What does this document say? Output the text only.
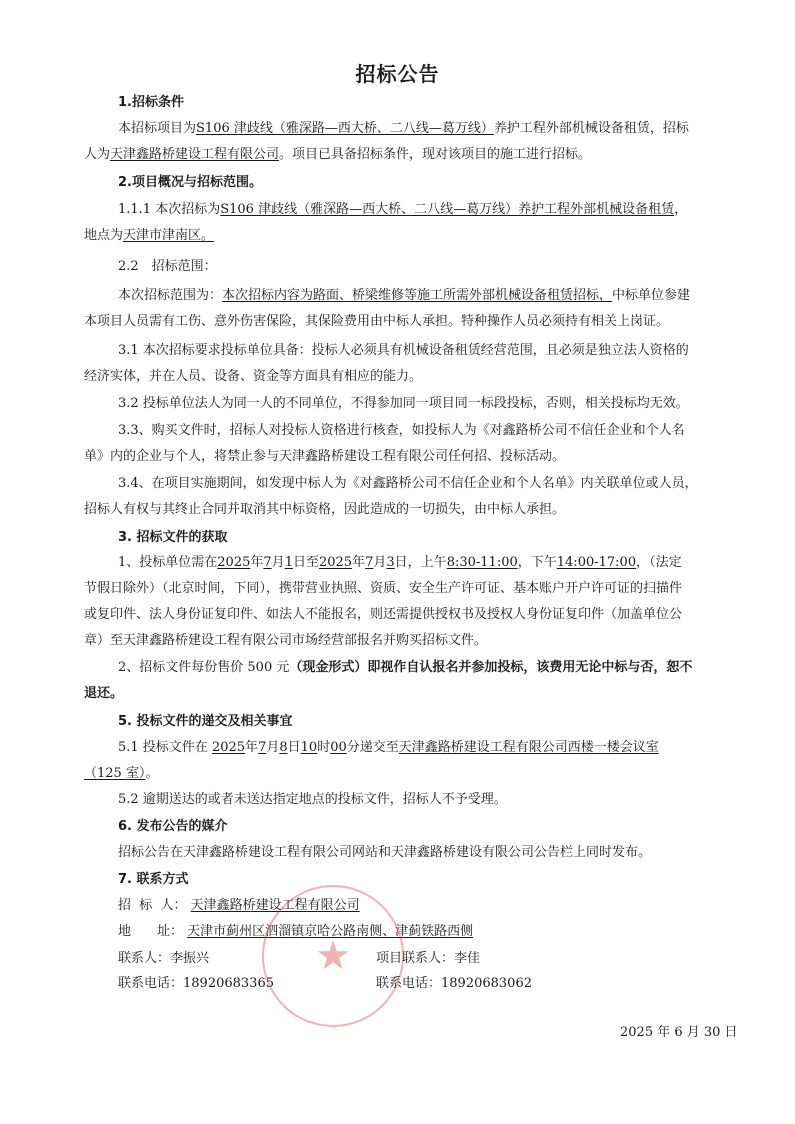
招标公告
1.招标条件
本招标项目为S106 津歧线（雅深路—西大桥、二八线—葛万线）养护工程外部机械设备租赁，招标
人为天津鑫路桥建设工程有限公司。项目已具备招标条件，现对该项目的施工进行招标。
2.项目概况与招标范围。
1.1.1 本次招标为S106 津歧线（雅深路—西大桥、二八线—葛万线）养护工程外部机械设备租赁，
地点为天津市津南区。
2.2　招标范围：
本次招标范围为：本次招标内容为路面、桥梁维修等施工所需外部机械设备租赁招标，中标单位参建
本项目人员需有工伤、意外伤害保险，其保险费用由中标人承担。特种操作人员必须持有相关上岗证。
3.1 本次招标要求投标单位具备：投标人必须具有机械设备租赁经营范围，且必须是独立法人资格的
经济实体，并在人员、设备、资金等方面具有相应的能力。
3.2 投标单位法人为同一人的不同单位，不得参加同一项目同一标段投标，否则，相关投标均无效。
3.3、购买文件时，招标人对投标人资格进行核查，如投标人为《对鑫路桥公司不信任企业和个人名
单》内的企业与个人，将禁止参与天津鑫路桥建设工程有限公司任何招、投标活动。
3.4、在项目实施期间，如发现中标人为《对鑫路桥公司不信任企业和个人名单》内关联单位或人员，
招标人有权与其终止合同并取消其中标资格，因此造成的一切损失，由中标人承担。
3. 招标文件的获取
1、投标单位需在2025年7月1日至2025年7月3日，上午8:30-11:00，下午14:00-17:00，（法定
节假日除外）（北京时间，下同），携带营业执照、资质、安全生产许可证、基本账户开户许可证的扫描件
或复印件、法人身份证复印件、如法人不能报名，则还需提供授权书及授权人身份证复印件（加盖单位公
章）至天津鑫路桥建设工程有限公司市场经营部报名并购买招标文件。
2、招标文件每份售价 500 元（现金形式）即视作自认报名并参加投标，该费用无论中标与否，恕不
退还。
5. 投标文件的递交及相关事宜
5.1 投标文件在 2025年7月8日10时00分递交至天津鑫路桥建设工程有限公司西楼一楼会议室
（125 室）。
5.2 逾期送达的或者未送达指定地点的投标文件，招标人不予受理。
6. 发布公告的媒介
招标公告在天津鑫路桥建设工程有限公司网站和天津鑫路桥建设有限公司公告栏上同时发布。
7. 联系方式
招  标  人： 天津鑫路桥建设工程有限公司
地　　址： 天津市蓟州区泗溜镇京哈公路南侧、津蓟铁路西侧
联系人：李振兴	项目联系人：李佳
联系电话：18920683365	联系电话：18920683062
★
2025 年 6 月 30 日
